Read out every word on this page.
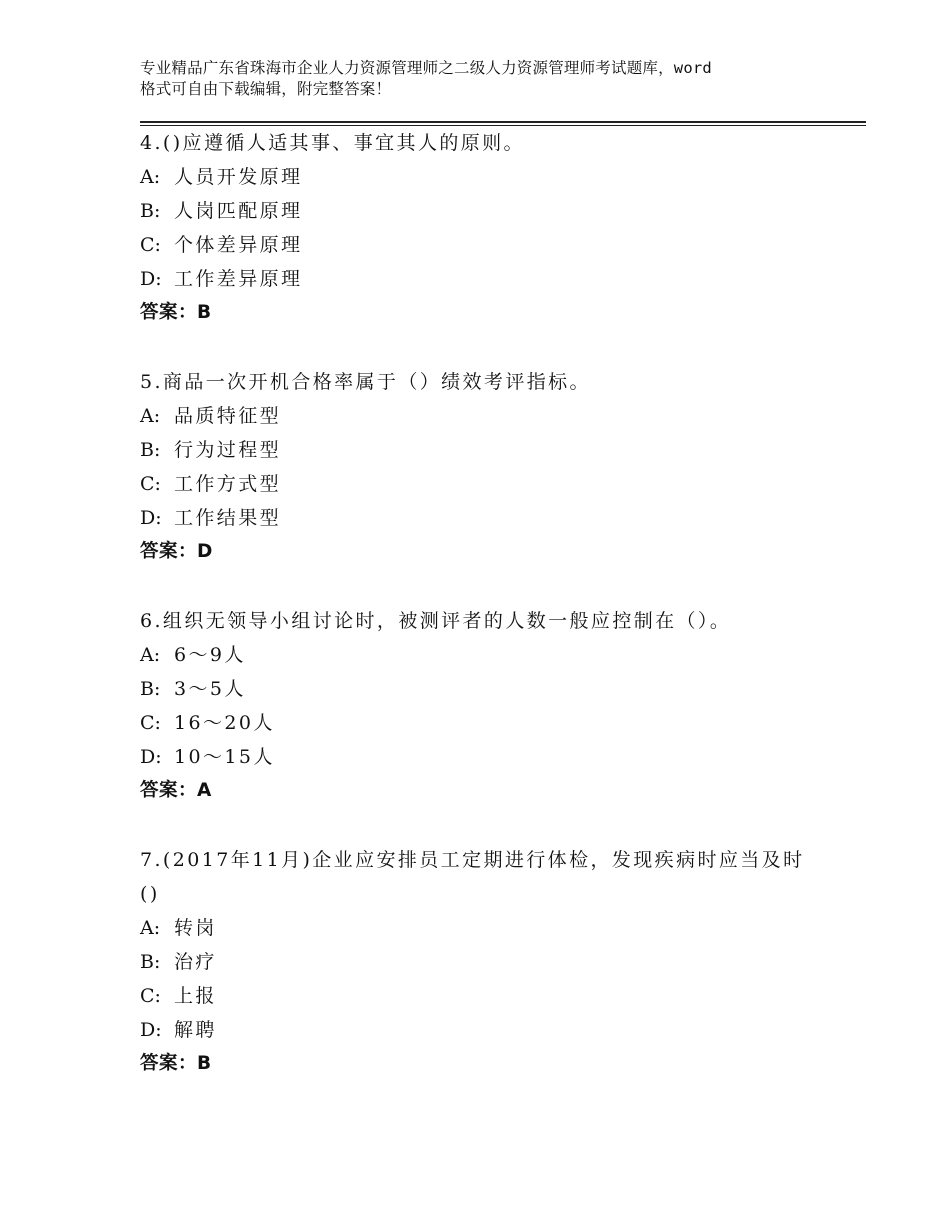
专业精品广东省珠海市企业人力资源管理师之二级人力资源管理师考试题库，word
格式可自由下载编辑，附完整答案！
4.()应遵循人适其事、事宜其人的原则。
A: 人员开发原理
B: 人岗匹配原理
C: 个体差异原理
D: 工作差异原理
答案：B
5.商品一次开机合格率属于（）绩效考评指标。
A: 品质特征型
B: 行为过程型
C: 工作方式型
D: 工作结果型
答案：D
6.组织无领导小组讨论时，被测评者的人数一般应控制在（）。
A: 6～9人
B: 3～5人
C: 16～20人
D: 10～15人
答案：A
7.(2017年11月)企业应安排员工定期进行体检，发现疾病时应当及时()
A: 转岗
B: 治疗
C: 上报
D: 解聘
答案：B
